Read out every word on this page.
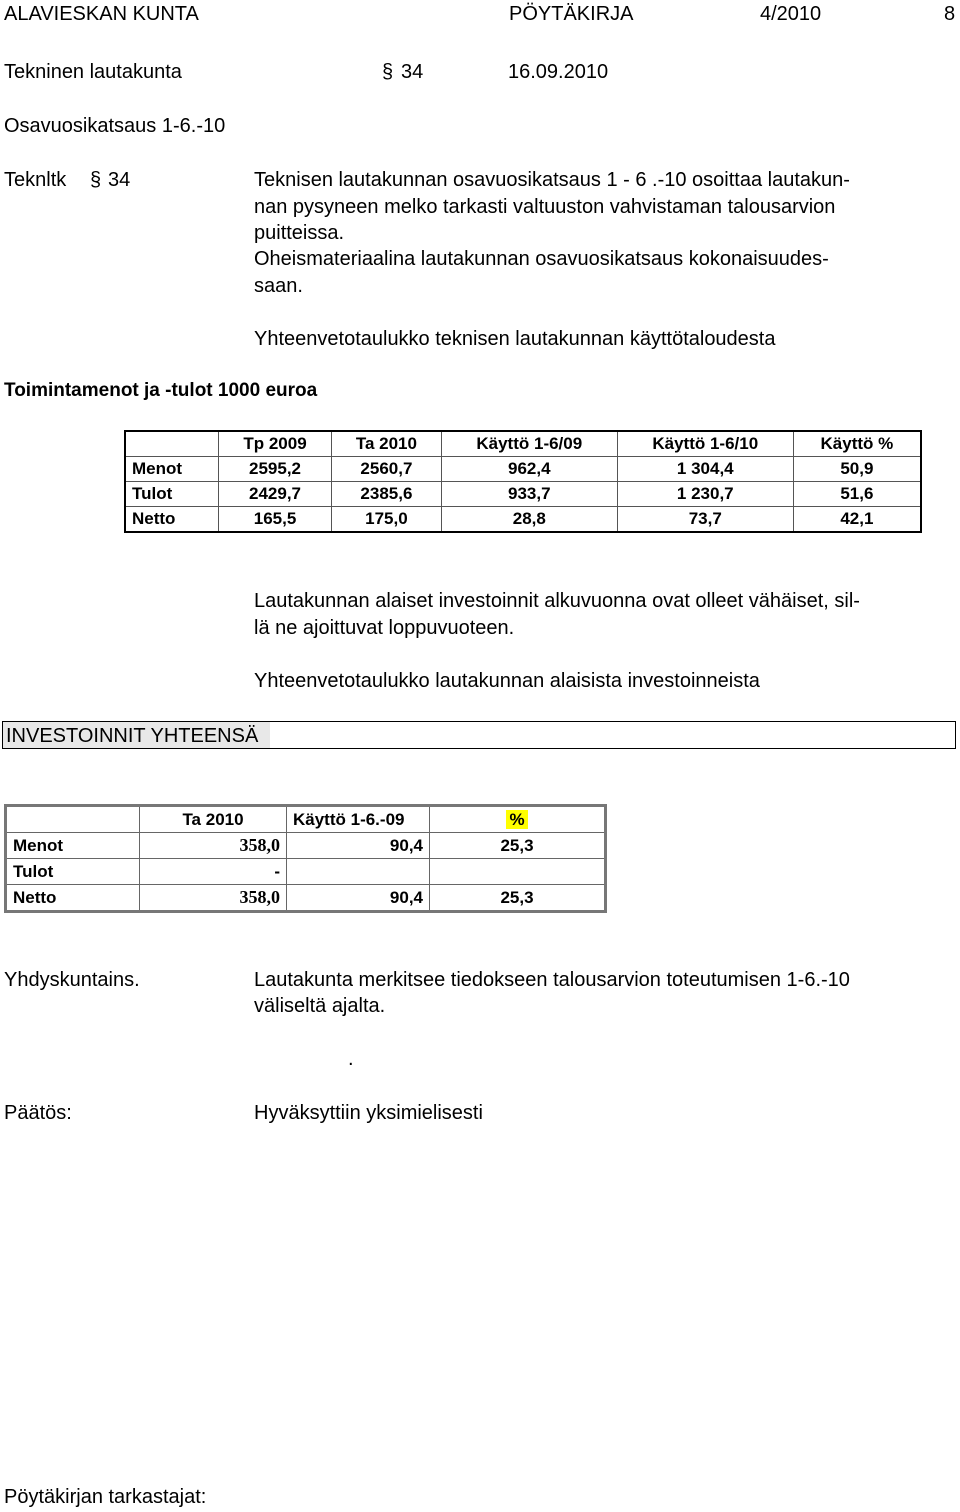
ALAVIESKAN KUNTA	PÖYTÄKIRJA	4/2010	8
Tekninen lautakunta	§ 34	16.09.2010
Osavuosikatsaus 1-6.-10
Teknltk § 34	Teknisen lautakunnan osavuosikatsaus 1 - 6 .-10 osoittaa lautakun-
nan pysyneen melko tarkasti valtuuston vahvistaman talousarvion
puitteissa.
Oheismateriaalina lautakunnan osavuosikatsaus kokonaisuudes-
saan.
Yhteenvetotaulukko teknisen lautakunnan käyttötaloudesta
Toimintamenot ja -tulot 1000 euroa
	Tp 2009	Ta 2010	Käyttö 1-6/09	Käyttö 1-6/10	Käyttö %
Menot	2595,2	2560,7	962,4	1 304,4	50,9
Tulot	2429,7	2385,6	933,7	1 230,7	51,6
Netto	165,5	175,0	28,8	73,7	42,1
Lautakunnan alaiset investoinnit alkuvuonna ovat olleet vähäiset, sil-
lä ne ajoittuvat loppuvuoteen.
Yhteenvetotaulukko lautakunnan alaisista investoinneista
INVESTOINNIT YHTEENSÄ
	Ta 2010	Käyttö 1-6.-09	%
Menot	358,0	90,4	25,3
Tulot	-		
Netto	358,0	90,4	25,3
Yhdyskuntains.	Lautakunta merkitsee tiedokseen talousarvion toteutumisen 1-6.-10
väliseltä ajalta.
.
Päätös:	Hyväksyttiin yksimielisesti
Pöytäkirjan tarkastajat:
